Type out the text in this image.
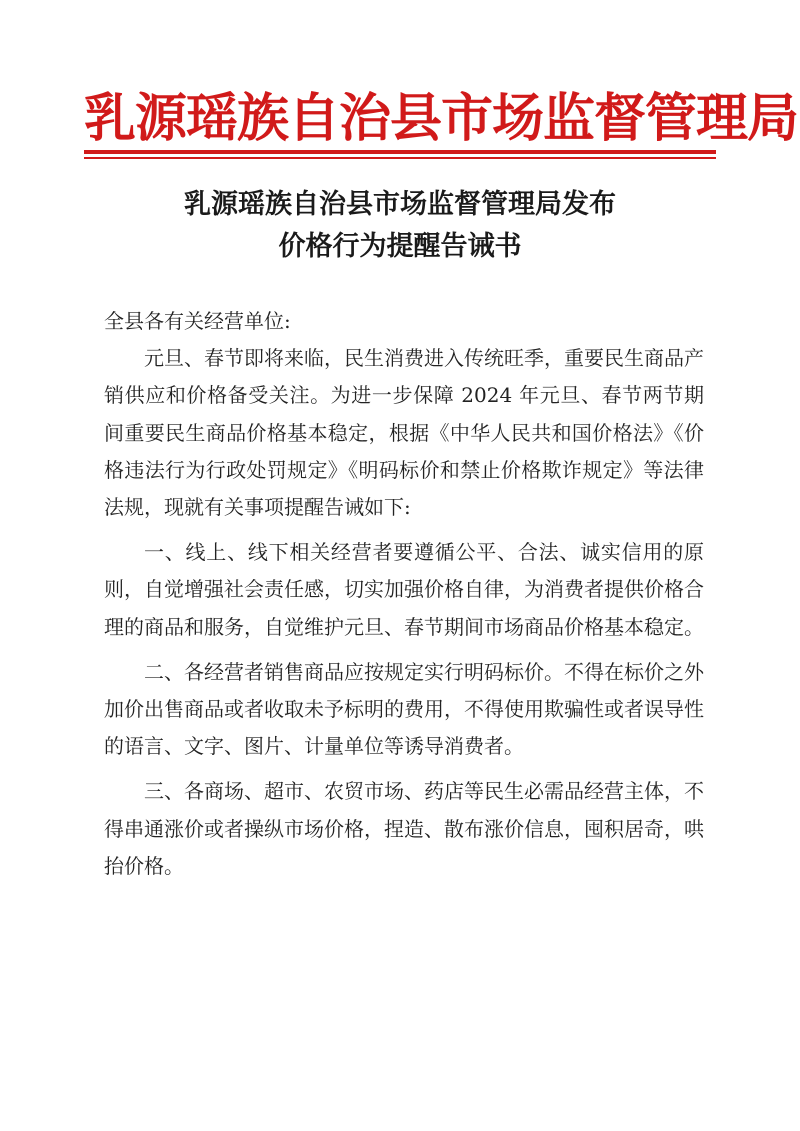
乳源瑶族自治县市场监督管理局
乳源瑶族自治县市场监督管理局发布
价格行为提醒告诫书

全县各有关经营单位:

元旦、春节即将来临，民生消费进入传统旺季，重要民生商品产销供应和价格备受关注。为进一步保障 2024 年元旦、春节两节期间重要民生商品价格基本稳定，根据《中华人民共和国价格法》《价格违法行为行政处罚规定》《明码标价和禁止价格欺诈规定》等法律法规，现就有关事项提醒告诫如下:

一、线上、线下相关经营者要遵循公平、合法、诚实信用的原则，自觉增强社会责任感，切实加强价格自律，为消费者提供价格合理的商品和服务，自觉维护元旦、春节期间市场商品价格基本稳定。

二、各经营者销售商品应按规定实行明码标价。不得在标价之外加价出售商品或者收取未予标明的费用，不得使用欺骗性或者误导性的语言、文字、图片、计量单位等诱导消费者。

三、各商场、超市、农贸市场、药店等民生必需品经营主体，不得串通涨价或者操纵市场价格，捏造、散布涨价信息，囤积居奇，哄抬价格。
